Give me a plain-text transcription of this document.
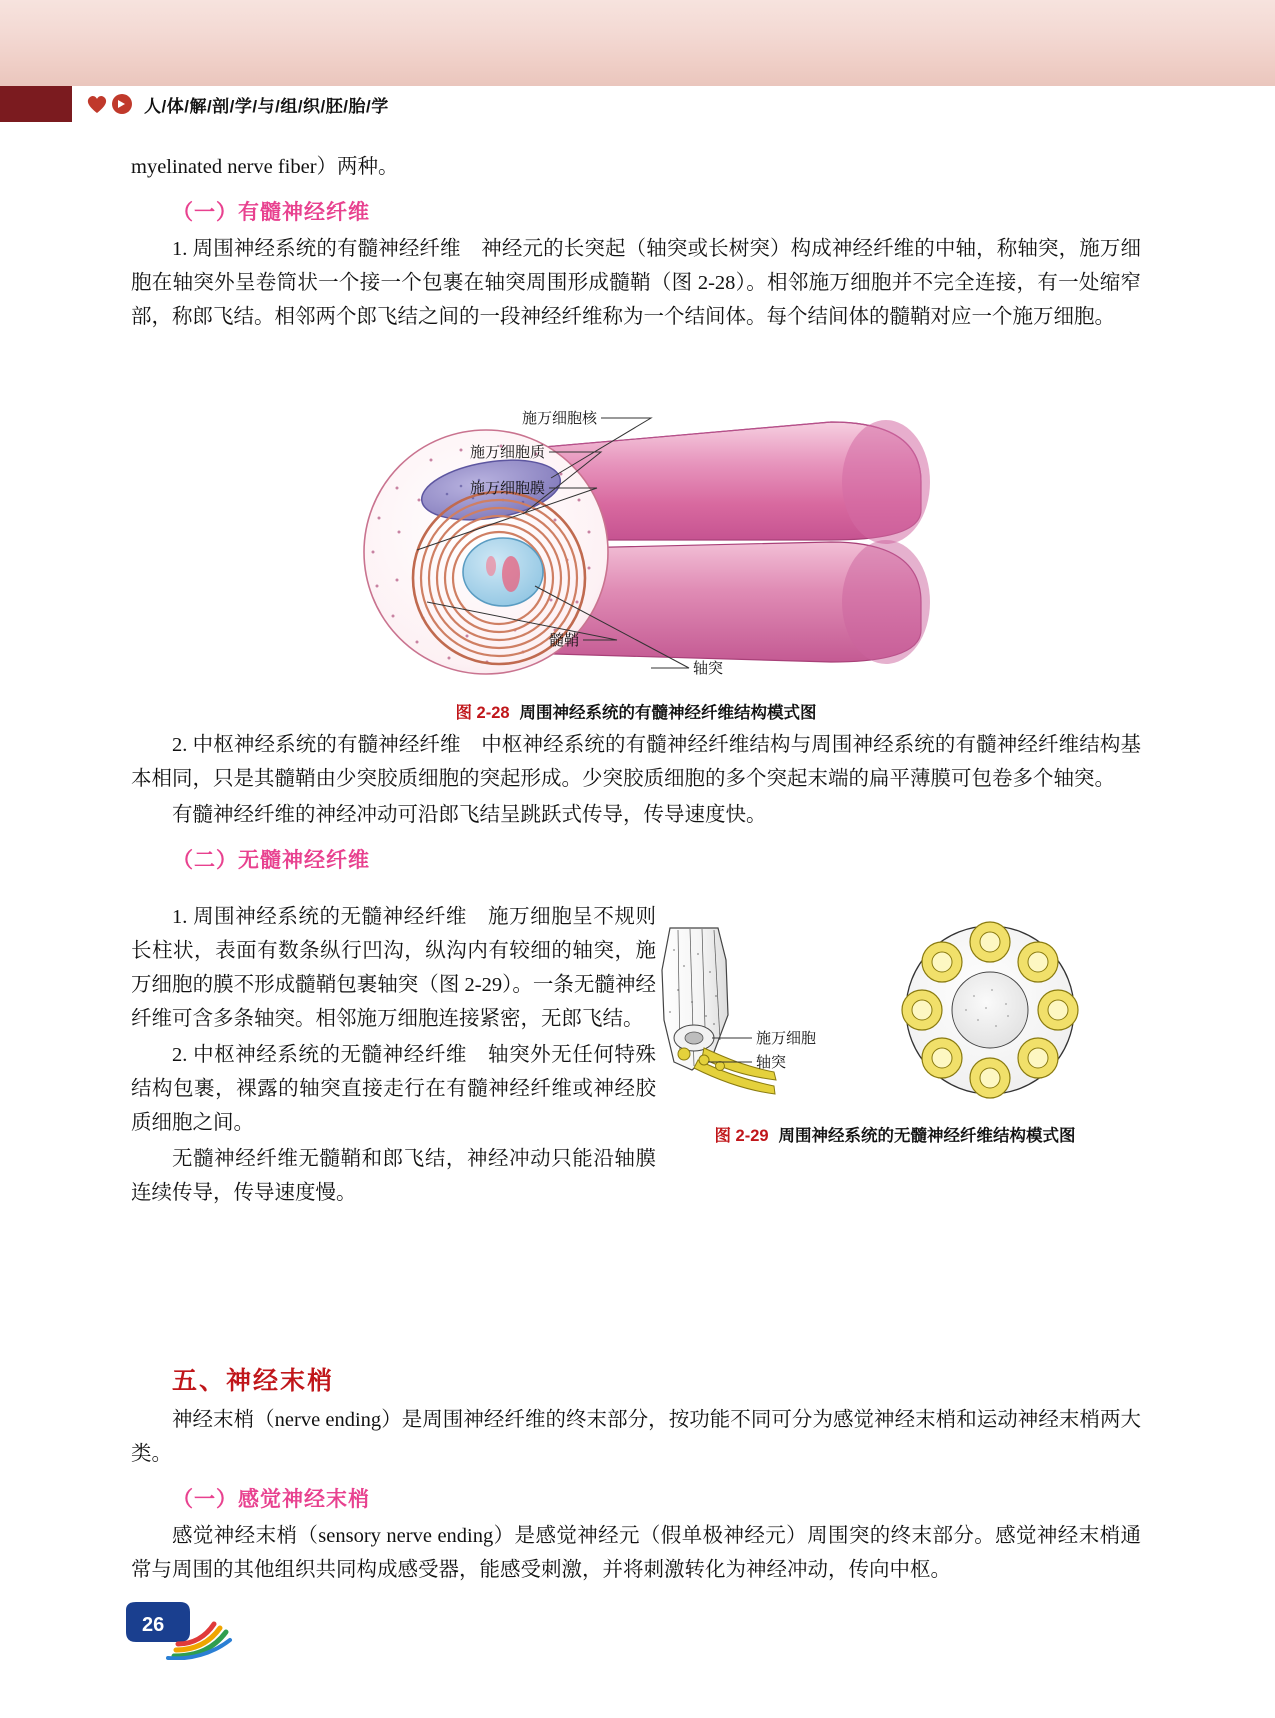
人/体/解/剖/学/与/组/织/胚/胎/学

myelinated nerve fiber）两种。

（一）有髓神经纤维

1. 周围神经系统的有髓神经纤维　神经元的长突起（轴突或长树突）构成神经纤维的中轴，称轴突，施万细胞在轴突外呈卷筒状一个接一个包裹在轴突周围形成髓鞘（图 2-28）。相邻施万细胞并不完全连接，有一处缩窄部，称郎飞结。相邻两个郎飞结之间的一段神经纤维称为一个结间体。每个结间体的髓鞘对应一个施万细胞。

施万细胞核
施万细胞质
施万细胞膜
髓鞘
轴突
图 2-28 周围神经系统的有髓神经纤维结构模式图

2. 中枢神经系统的有髓神经纤维　中枢神经系统的有髓神经纤维结构与周围神经系统的有髓神经纤维结构基本相同，只是其髓鞘由少突胶质细胞的突起形成。少突胶质细胞的多个突起末端的扁平薄膜可包卷多个轴突。

有髓神经纤维的神经冲动可沿郎飞结呈跳跃式传导，传导速度快。

（二）无髓神经纤维

1. 周围神经系统的无髓神经纤维　施万细胞呈不规则长柱状，表面有数条纵行凹沟，纵沟内有较细的轴突，施万细胞的膜不形成髓鞘包裹轴突（图 2-29）。一条无髓神经纤维可含多条轴突。相邻施万细胞连接紧密，无郎飞结。

2. 中枢神经系统的无髓神经纤维　轴突外无任何特殊结构包裹，裸露的轴突直接走行在有髓神经纤维或神经胶质细胞之间。

无髓神经纤维无髓鞘和郎飞结，神经冲动只能沿轴膜连续传导，传导速度慢。

施万细胞
轴突
图 2-29 周围神经系统的无髓神经纤维结构模式图
五、神经末梢

神经末梢（nerve ending）是周围神经纤维的终末部分，按功能不同可分为感觉神经末梢和运动神经末梢两大类。

（一）感觉神经末梢

感觉神经末梢（sensory nerve ending）是感觉神经元（假单极神经元）周围突的终末部分。感觉神经末梢通常与周围的其他组织共同构成感受器，能感受刺激，并将刺激转化为神经冲动，传向中枢。

26
